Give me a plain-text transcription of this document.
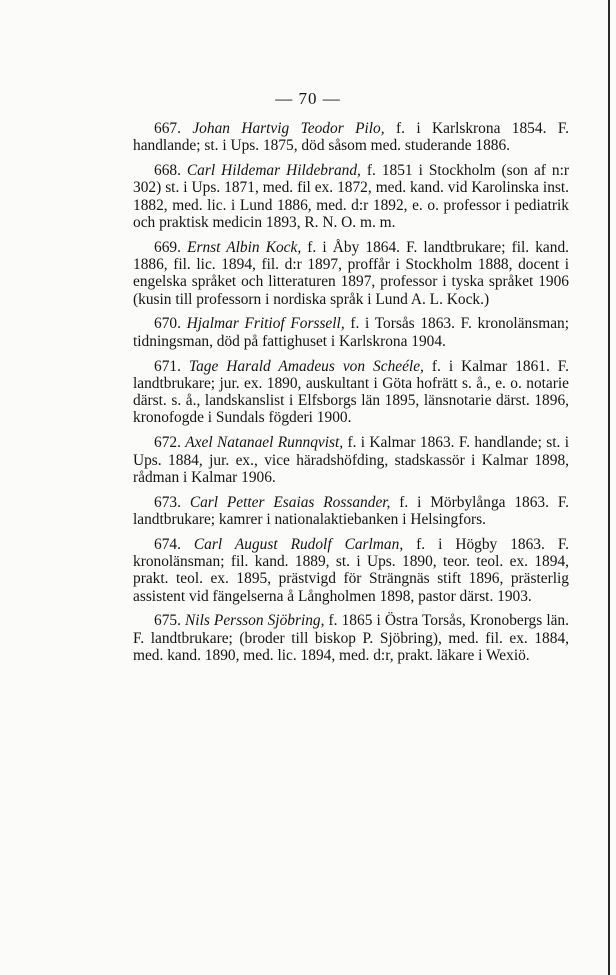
— 70 —

667. Johan Hartvig Teodor Pilo, f. i Karlskrona 1854. F. handlande; st. i Ups. 1875, död såsom med. studerande 1886.

668. Carl Hildemar Hildebrand, f. 1851 i Stockholm (son af n:r 302) st. i Ups. 1871, med. fil ex. 1872, med. kand. vid Karolinska inst. 1882, med. lic. i Lund 1886, med. d:r 1892, e. o. professor i pediatrik och praktisk medicin 1893, R. N. O. m. m.

669. Ernst Albin Kock, f. i Åby 1864. F. landtbrukare; fil. kand. 1886, fil. lic. 1894, fil. d:r 1897, proffår i Stockholm 1888, docent i engelska språket och litteraturen 1897, professor i tyska språket 1906 (kusin till professorn i nordiska språk i Lund A. L. Kock.)

670. Hjalmar Fritiof Forssell, f. i Torsås 1863. F. kronolänsman; tidningsman, död på fattighuset i Karlskrona 1904.

671. Tage Harald Amadeus von Scheéle, f. i Kalmar 1861. F. landtbrukare; jur. ex. 1890, auskultant i Göta hofrätt s. å., e. o. notarie därst. s. å., landskanslist i Elfsborgs län 1895, länsnotarie därst. 1896, kronofogde i Sundals fögderi 1900.

672. Axel Natanael Runnqvist, f. i Kalmar 1863. F. handlande; st. i Ups. 1884, jur. ex., vice häradshöfding, stadskassör i Kalmar 1898, rådman i Kalmar 1906.

673. Carl Petter Esaias Rossander, f. i Mörbylånga 1863. F. landtbrukare; kamrer i nationalaktiebanken i Helsingfors.

674. Carl August Rudolf Carlman, f. i Högby 1863. F. kronolänsman; fil. kand. 1889, st. i Ups. 1890, teor. teol. ex. 1894, prakt. teol. ex. 1895, prästvigd för Strängnäs stift 1896, prästerlig assistent vid fängelserna å Långholmen 1898, pastor därst. 1903.

675. Nils Persson Sjöbring, f. 1865 i Östra Torsås, Kronobergs län. F. landtbrukare; (broder till biskop P. Sjöbring), med. fil. ex. 1884, med. kand. 1890, med. lic. 1894, med. d:r, prakt. läkare i Wexiö.
